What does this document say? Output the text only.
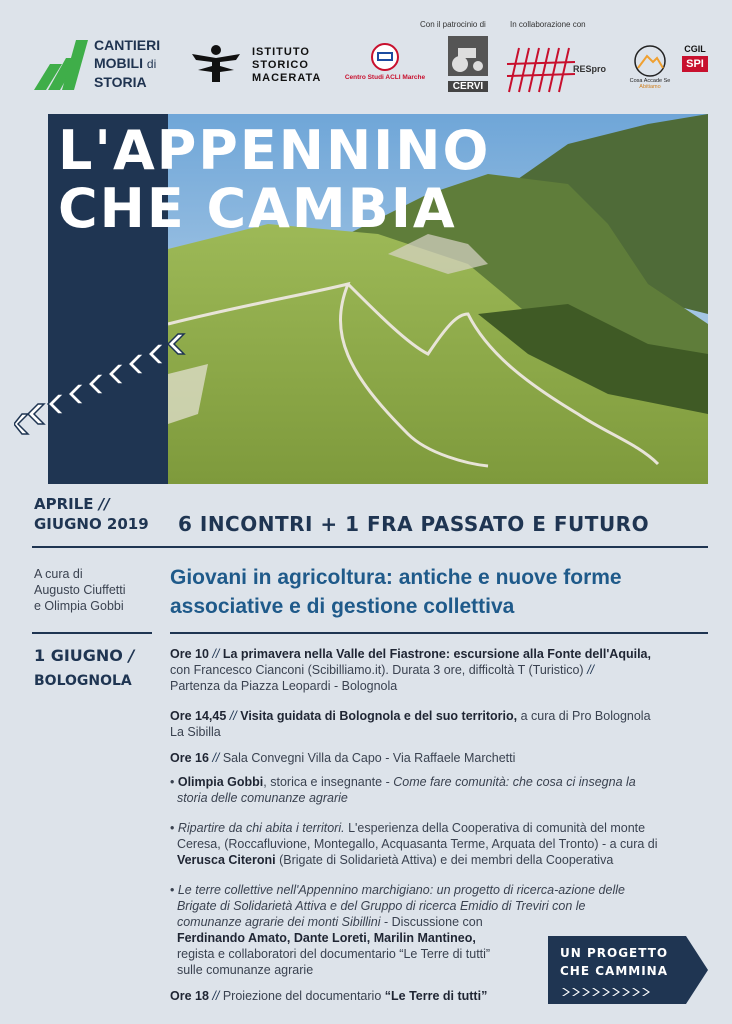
CANTIERI
MOBILI di
STORIA
ISTITUTO
STORICO
MACERATA	Centro Studi ACLI Marche
Con il patrocinio di	In collaborazione con
CERVI
RESpro
Cosa Accade Se
Abitiamo
CGIL
SPI
L'APPENNINO
CHE CAMBIA
APRILE //
GIUGNO 2019 6 INCONTRI + 1 FRA PASSATO E FUTURO
A cura di
Augusto Ciuffetti
e Olimpia Gobbi
Giovani in agricoltura: antiche e nuove forme
associative e di gestione collettiva
1 GIUGNO /
BOLOGNOLA

Ore 10 // La primavera nella Valle del Fiastrone: escursione alla Fonte dell'Aquila,
con Francesco Cianconi (Scibilliamo.it). Durata 3 ore, difficoltà T (Turistico) //
Partenza da Piazza Leopardi - Bolognola

Ore 14,45 // Visita guidata di Bolognola e del suo territorio, a cura di Pro Bolognola
La Sibilla

Ore 16 // Sala Convegni Villa da Capo - Via Raffaele Marchetti

• Olimpia Gobbi, storica e insegnante - Come fare comunità: che cosa ci insegna la
storia delle comunanze agrarie

• Ripartire da chi abita i territori. L'esperienza della Cooperativa di comunità del monte
Ceresa, (Roccafluvione, Montegallo, Acquasanta Terme, Arquata del Tronto) - a cura di
Verusca Citeroni (Brigate di Solidarietà Attiva) e dei membri della Cooperativa

• Le terre collettive nell'Appennino marchigiano: un progetto di ricerca-azione delle
Brigate di Solidarietà Attiva e del Gruppo di ricerca Emidio di Treviri con le
comunanze agrarie dei monti Sibillini - Discussione con
Ferdinando Amato, Dante Loreti, Marilin Mantineo,
regista e collaboratori del documentario “Le Terre di tutti”
sulle comunanze agrarie

Ore 18 // Proiezione del documentario “Le Terre di tutti”

UN PROGETTO
CHE CAMMINA
